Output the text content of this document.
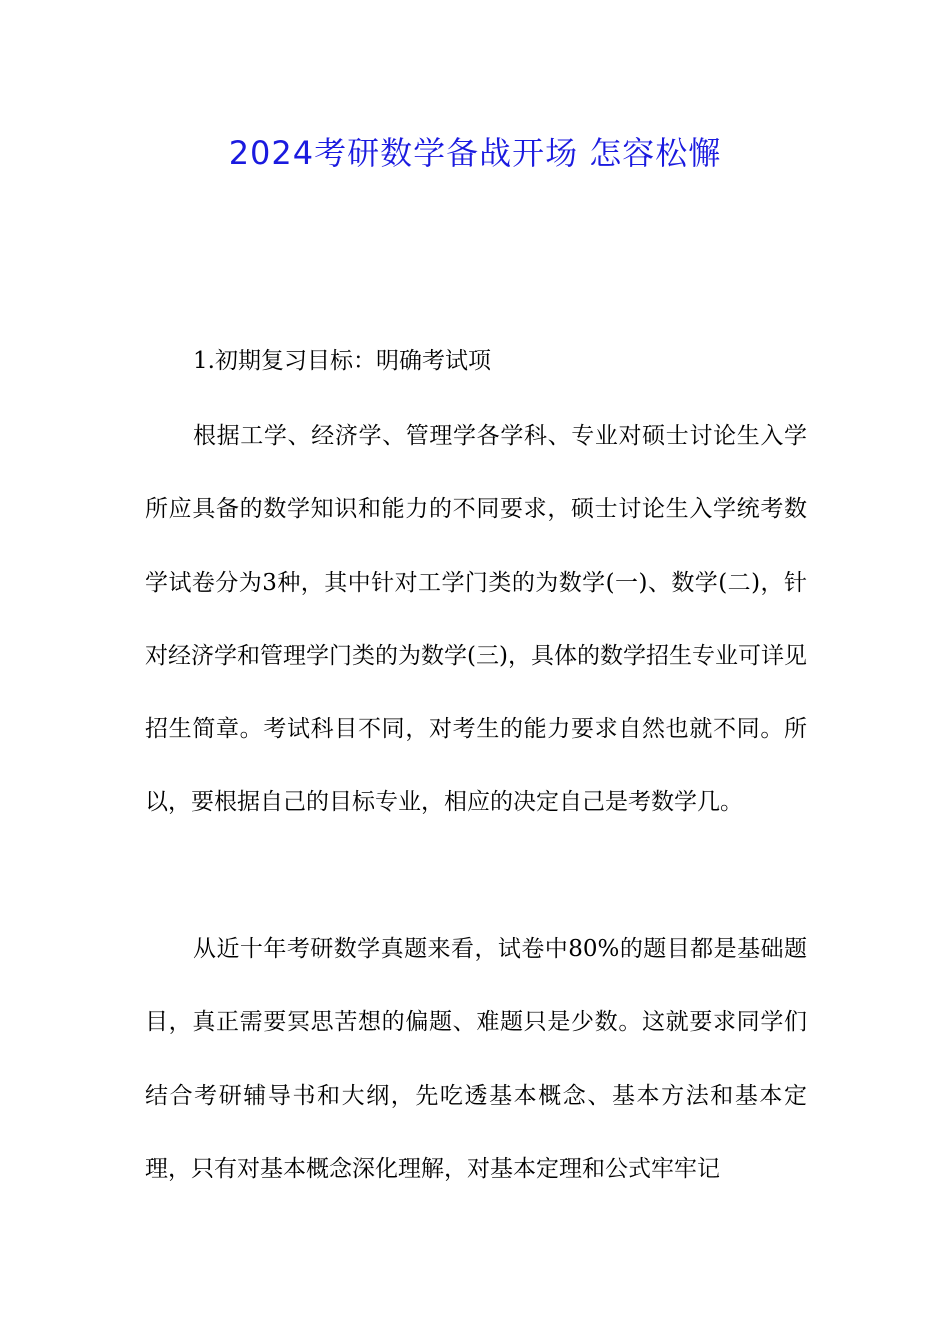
2024考研数学备战开场 怎容松懈

1.初期复习目标：明确考试项

根据工学、经济学、管理学各学科、专业对硕士讨论生入学所应具备的数学知识和能力的不同要求，硕士讨论生入学统考数学试卷分为3种，其中针对工学门类的为数学(一)、数学(二)，针对经济学和管理学门类的为数学(三)，具体的数学招生专业可详见招生简章。考试科目不同，对考生的能力要求自然也就不同。所以，要根据自己的目标专业，相应的决定自己是考数学几。

从近十年考研数学真题来看，试卷中80%的题目都是基础题目，真正需要冥思苦想的偏题、难题只是少数。这就要求同学们结合考研辅导书和大纲，先吃透基本概念、基本方法和基本定理，只有对基本概念深化理解，对基本定理和公式牢牢记
